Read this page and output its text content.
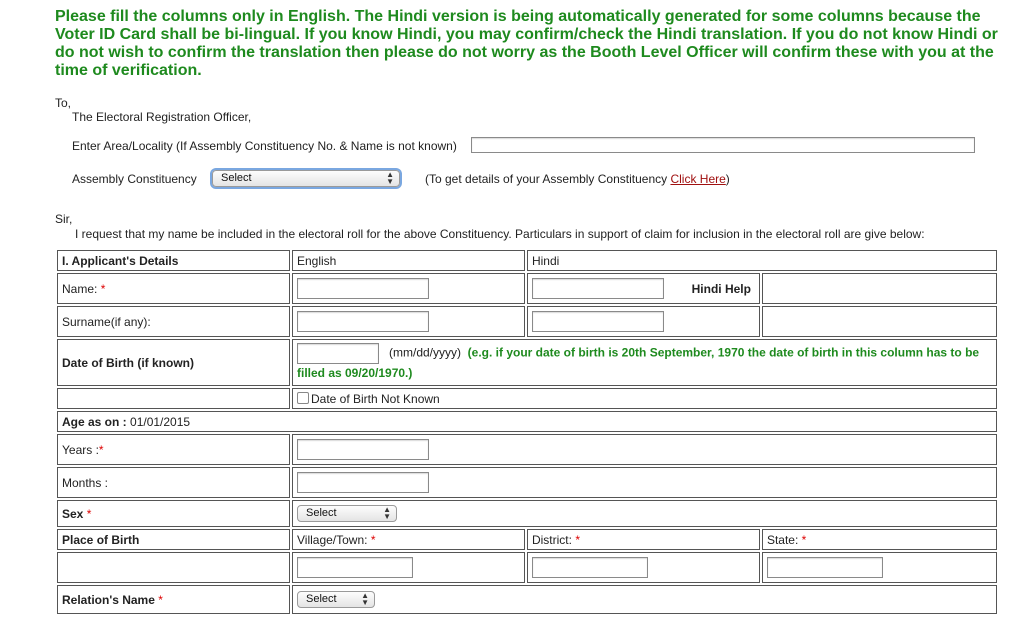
Please fill the columns only in English. The Hindi version is being automatically generated for some columns because the Voter ID Card shall be bi-lingual. If you know Hindi, you may confirm/check the Hindi translation. If you do not know Hindi or do not wish to confirm the translation then please do not worry as the Booth Level Officer will confirm these with you at the time of verification.
To,
The Electoral Registration Officer,
Enter Area/Locality (If Assembly Constituency No. & Name is not known)
Assembly Constituency	Select	▲
▼	(To get details of your Assembly Constituency Click Here)
Sir,
I request that my name be included in the electoral roll for the above Constituency. Particulars in support of claim for inclusion in the electoral roll are give below:
I. Applicant's Details	English	Hindi	
Name: *		Hindi Help	

Surname(if any):	

Date of Birth (if known)	(mm/dd/yyyy) (e.g. if your date of birth is 20th September, 1970 the date of birth in this column has to be filled as 09/20/1970.)		
	Date of Birth Not Known		
Age as on : 01/01/2015			
Years :*			

Months :			

Sex *	Select ▲
▼		

Place of Birth	Village/Town: *	District: *	State: *

Relation's Name *	Select ▲
▼		
